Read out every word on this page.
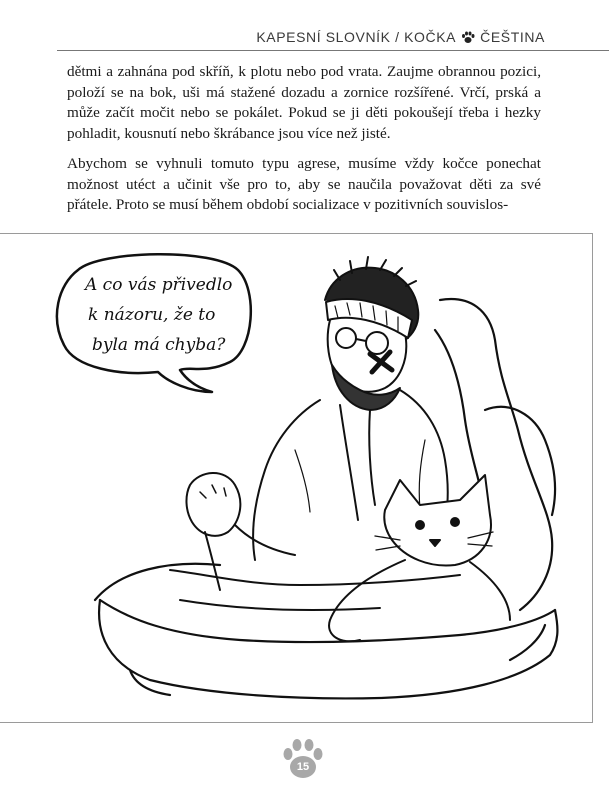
KAPESNÍ SLOVNÍK / KOČKA ČEŠTINA

dětmi a zahnána pod skříň, k plotu nebo pod vrata. Zaujme obrannou pozici, položí se na bok, uši má stažené dozadu a zornice rozšířené. Vrčí, prská a může začít močit nebo se pokálet. Pokud se ji děti pokoušejí třeba i hezky pohladit, kousnutí nebo škrábance jsou více než jisté.

Abychom se vyhnuli tomuto typu agrese, musíme vždy kočce ponechat možnost utéct a učinit vše pro to, aby se naučila považovat děti za své přátele. Proto se musí během období socializace v pozitivních souvislos-

A co vás přivedlo
k názoru, že to
byla má chyba?
15
